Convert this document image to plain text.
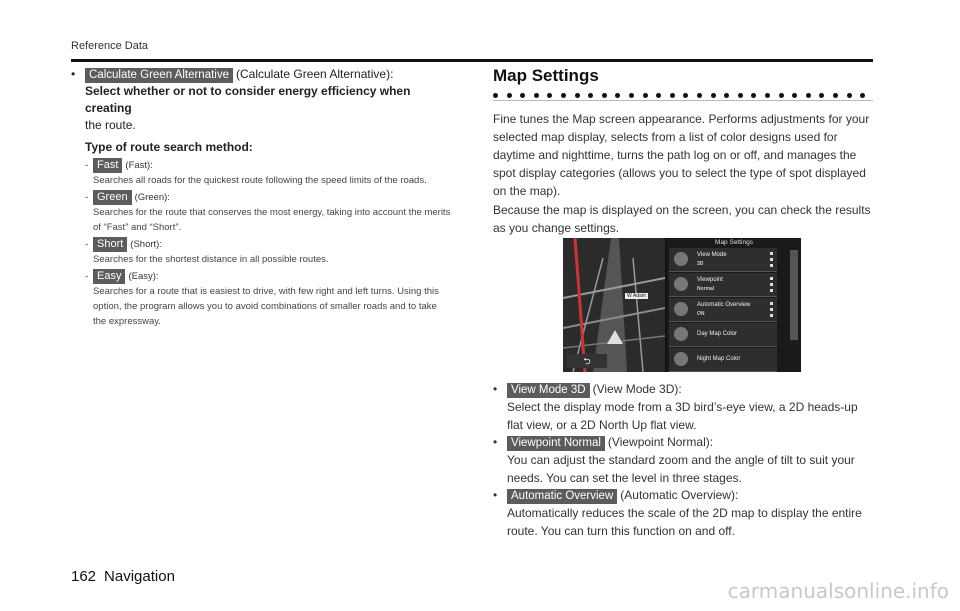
Reference Data
• Calculate Green Alternative (Calculate Green Alternative):
Select whether or not to consider energy efficiency when creating
the route.
Type of route search method:
- Fast (Fast):
Searches all roads for the quickest route following the speed limits of the roads.
- Green (Green):
Searches for the route that conserves the most energy, taking into account the merits of “Fast” and “Short”.
- Short (Short):
Searches for the shortest distance in all possible routes.
- Easy (Easy):
Searches for a route that is easiest to drive, with few right and left turns. Using this option, the program allows you to avoid combinations of smaller roads and to take the expressway.
Map Settings
Fine tunes the Map screen appearance. Performs adjustments for your selected map display, selects from a list of color designs used for daytime and nighttime, turns the path log on or off, and manages the spot display categories (allows you to select the type of spot displayed on the map).
Because the map is displayed on the screen, you can check the results as you change settings.
W Adam
⮌
Map Settings
View Mode
3D
Viewpoint
Normal
Automatic Overview
ON
Day Map Color
Night Map Color
• View Mode 3D (View Mode 3D):
Select the display mode from a 3D bird’s-eye view, a 2D heads-up flat view, or a 2D North Up flat view.
• Viewpoint Normal (Viewpoint Normal):
You can adjust the standard zoom and the angle of tilt to suit your needs. You can set the level in three stages.
• Automatic Overview (Automatic Overview):
Automatically reduces the scale of the 2D map to display the entire route. You can turn this function on and off.
162 Navigation
carmanualsonline.info
